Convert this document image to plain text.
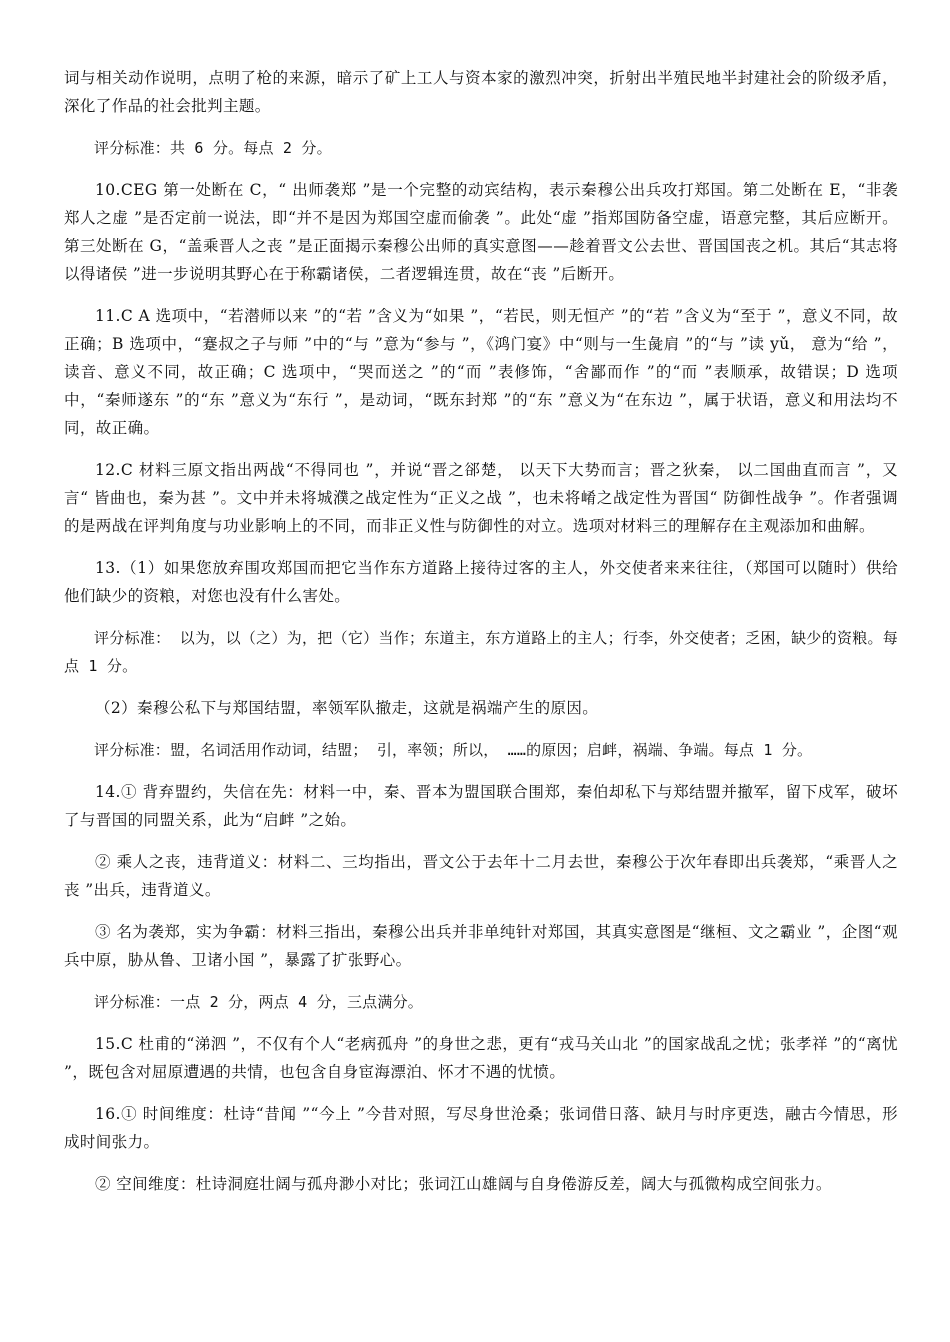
词与相关动作说明，点明了枪的来源，暗示了矿上工人与资本家的激烈冲突，折射出半殖民地半封建社会的阶级矛盾，深化了作品的社会批判主题。

评分标准：共 6 分。每点 2 分。

10.CEG 第一处断在 C，“ 出师袭郑 ”是一个完整的动宾结构，表示秦穆公出兵攻打郑国。第二处断在 E，“非袭郑人之虚 ”是否定前一说法，即“并不是因为郑国空虚而偷袭 ”。此处“虚 ”指郑国防备空虚，语意完整，其后应断开。第三处断在 G，“盖乘晋人之丧 ”是正面揭示秦穆公出师的真实意图——趁着晋文公去世、晋国国丧之机。其后“其志将以得诸侯 ”进一步说明其野心在于称霸诸侯，二者逻辑连贯，故在“丧 ”后断开。

11.C A 选项中，“若潜师以来 ”的“若 ”含义为“如果 ”，“若民，则无恒产 ”的“若 ”含义为“至于 ”，意义不同，故正确；B 选项中，“蹇叔之子与师 ”中的“与 ”意为“参与 ”，《鸿门宴》中“则与一生彘肩 ”的“与 ”读 yǔ， 意为“给 ”，读音、意义不同，故正确；C 选项中，“哭而送之 ”的“而 ”表修饰，“舍鄙而作 ”的“而 ”表顺承，故错误；D 选项中，“秦师遂东 ”的“东 ”意义为“东行 ”，是动词，“既东封郑 ”的“东 ”意义为“在东边 ”，属于状语，意义和用法均不同，故正确。

12.C 材料三原文指出两战“不得同也 ”，并说“晋之郤楚， 以天下大势而言；晋之狄秦， 以二国曲直而言 ”，又言“ 皆曲也，秦为甚 ”。文中并未将城濮之战定性为“正义之战 ”，也未将崤之战定性为晋国“ 防御性战争 ”。作者强调的是两战在评判角度与功业影响上的不同，而非正义性与防御性的对立。选项对材料三的理解存在主观添加和曲解。

13.（1）如果您放弃围攻郑国而把它当作东方道路上接待过客的主人，外交使者来来往往，（郑国可以随时）供给他们缺少的资粮，对您也没有什么害处。

评分标准： 以为，以（之）为，把（它）当作；东道主，东方道路上的主人；行李，外交使者；乏困，缺少的资粮。每点 1 分。

（2）秦穆公私下与郑国结盟，率领军队撤走，这就是祸端产生的原因。

评分标准：盟，名词活用作动词，结盟； 引，率领；所以， ……的原因；启衅，祸端、争端。每点 1 分。

14.① 背弃盟约，失信在先：材料一中，秦、晋本为盟国联合围郑，秦伯却私下与郑结盟并撤军，留下戍军，破坏了与晋国的同盟关系，此为“启衅 ”之始。

② 乘人之丧，违背道义：材料二、三均指出，晋文公于去年十二月去世，秦穆公于次年春即出兵袭郑，“乘晋人之丧 ”出兵，违背道义。

③ 名为袭郑，实为争霸：材料三指出，秦穆公出兵并非单纯针对郑国，其真实意图是“继桓、文之霸业 ”，企图“观兵中原，胁从鲁、卫诸小国 ”，暴露了扩张野心。

评分标准：一点 2 分，两点 4 分，三点满分。

15.C 杜甫的“涕泗 ”，不仅有个人“老病孤舟 ”的身世之悲，更有“戎马关山北 ”的国家战乱之忧；张孝祥 ”的“离忧 ”，既包含对屈原遭遇的共情，也包含自身宦海漂泊、怀才不遇的忧愤。

16.① 时间维度：杜诗“昔闻 ”“今上 ”今昔对照，写尽身世沧桑；张词借日落、缺月与时序更迭，融古今情思，形成时间张力。

② 空间维度：杜诗洞庭壮阔与孤舟渺小对比；张词江山雄阔与自身倦游反差，阔大与孤微构成空间张力。
